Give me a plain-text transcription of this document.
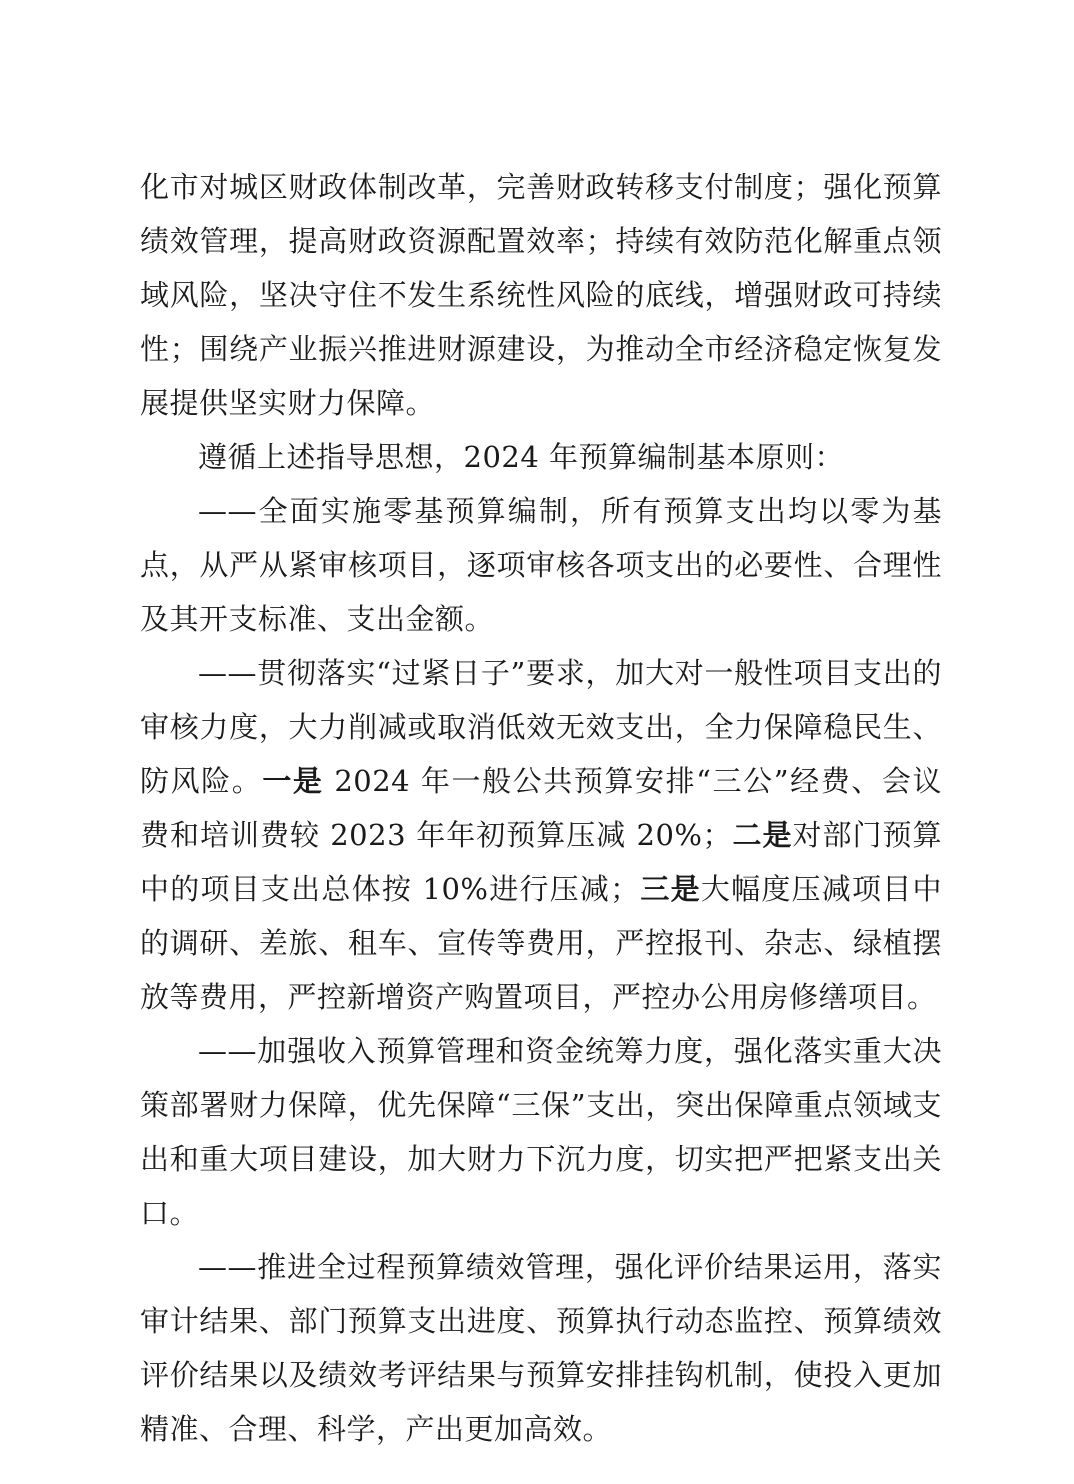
化市对城区财政体制改革，完善财政转移支付制度；强化预算绩效管理，提高财政资源配置效率；持续有效防范化解重点领域风险，坚决守住不发生系统性风险的底线，增强财政可持续性；围绕产业振兴推进财源建设，为推动全市经济稳定恢复发展提供坚实财力保障。

遵循上述指导思想，2024 年预算编制基本原则：

——全面实施零基预算编制，所有预算支出均以零为基点，从严从紧审核项目，逐项审核各项支出的必要性、合理性及其开支标准、支出金额。

——贯彻落实“过紧日子”要求，加大对一般性项目支出的审核力度，大力削减或取消低效无效支出，全力保障稳民生、防风险。一是 2024 年一般公共预算安排“三公”经费、会议费和培训费较 2023 年年初预算压减 20%；二是对部门预算中的项目支出总体按 10%进行压减；三是大幅度压减项目中的调研、差旅、租车、宣传等费用，严控报刊、杂志、绿植摆放等费用，严控新增资产购置项目，严控办公用房修缮项目。

——加强收入预算管理和资金统筹力度，强化落实重大决策部署财力保障，优先保障“三保”支出，突出保障重点领域支出和重大项目建设，加大财力下沉力度，切实把严把紧支出关口。

——推进全过程预算绩效管理，强化评价结果运用，落实审计结果、部门预算支出进度、预算执行动态监控、预算绩效评价结果以及绩效考评结果与预算安排挂钩机制，使投入更加精准、合理、科学，产出更加高效。
